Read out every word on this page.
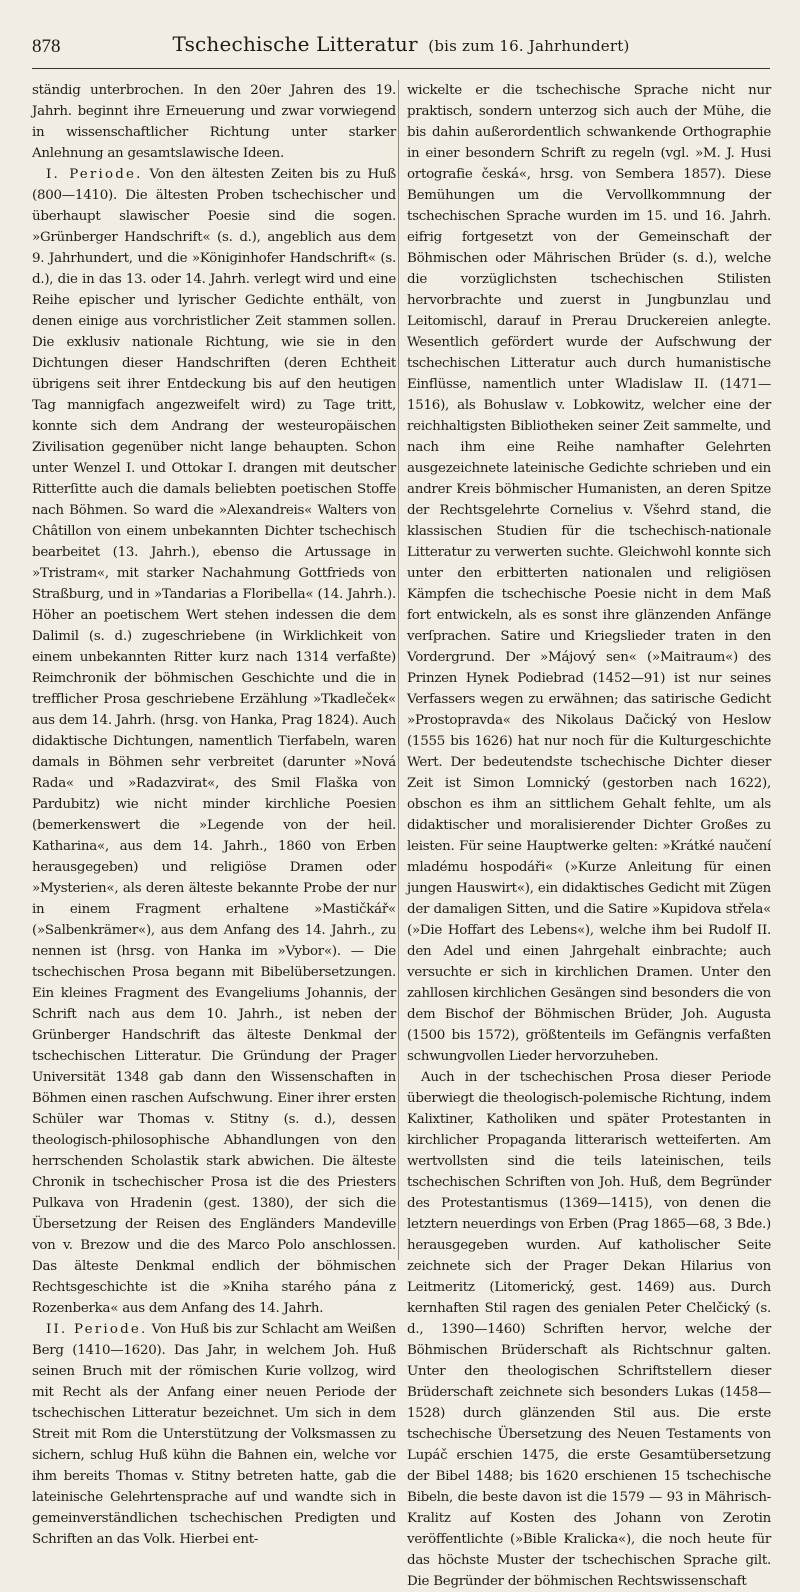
878	Tschechische Litteratur (bis zum 16. Jahrhundert)

ständig unterbrochen. In den 20er Jahren des 19. Jahrh. beginnt ihre Erneuerung und zwar vorwiegend in wissenschaftlicher Richtung unter starker Anlehnung an gesamtslawische Ideen.

I. Periode. Von den ältesten Zeiten bis zu Huß (800—1410). Die ältesten Proben tschechischer und überhaupt slawischer Poesie sind die sogen. »Grünberger Handschrift« (s. d.), angeblich aus dem 9. Jahrhundert, und die »Königinhofer Handschrift« (s. d.), die in das 13. oder 14. Jahrh. verlegt wird und eine Reihe epischer und lyrischer Gedichte enthält, von denen einige aus vorchristlicher Zeit stammen sollen. Die exklusiv nationale Richtung, wie sie in den Dichtungen dieser Handschriften (deren Echtheit übrigens seit ihrer Entdeckung bis auf den heutigen Tag mannigfach angezweifelt wird) zu Tage tritt, konnte sich dem Andrang der westeuropäischen Zivilisation gegenüber nicht lange behaupten. Schon unter Wenzel I. und Ottokar I. drangen mit deutscher Ritterſitte auch die damals beliebten poetischen Stoffe nach Böhmen. So ward die »Alexandreis« Walters von Châtillon von einem unbekannten Dichter tschechisch bearbeitet (13. Jahrh.), ebenso die Artussage in »Tristram«, mit starker Nachahmung Gottfrieds von Straßburg, und in »Tandarias a Floribella« (14. Jahrh.). Höher an poetischem Wert stehen indessen die dem Dalimil (s. d.) zugeschriebene (in Wirklichkeit von einem unbekannten Ritter kurz nach 1314 verfaßte) Reimchronik der böhmischen Geschichte und die in trefflicher Prosa geschriebene Erzählung »Tkadleček« aus dem 14. Jahrh. (hrsg. von Hanka, Prag 1824). Auch didaktische Dichtungen, namentlich Tierfabeln, waren damals in Böhmen sehr verbreitet (darunter »Nová Rada« und »Radazvirat«, des Smil Flaška von Pardubitz) wie nicht minder kirchliche Poesien (bemerkenswert die »Legende von der heil. Katharina«, aus dem 14. Jahrh., 1860 von Erben herausgegeben) und religiöse Dramen oder »Mysterien«, als deren älteste bekannte Probe der nur in einem Fragment erhaltene »Mastičkář« (»Salbenkrämer«), aus dem Anfang des 14. Jahrh., zu nennen ist (hrsg. von Hanka im »Vybor«). — Die tschechischen Prosa begann mit Bibelübersetzungen. Ein kleines Fragment des Evangeliums Johannis, der Schrift nach aus dem 10. Jahrh., ist neben der Grünberger Handschrift das älteste Denkmal der tschechischen Litteratur. Die Gründung der Prager Universität 1348 gab dann den Wissenschaften in Böhmen einen raschen Aufschwung. Einer ihrer ersten Schüler war Thomas v. Stitny (s. d.), dessen theologisch-philosophische Abhandlungen von den herrschenden Scholastik stark abwichen. Die älteste Chronik in tschechischer Prosa ist die des Priesters Pulkava von Hradenin (gest. 1380), der sich die Übersetzung der Reisen des Engländers Mandeville von v. Brezow und die des Marco Polo anschlossen. Das älteste Denkmal endlich der böhmischen Rechtsgeschichte ist die »Kniha starého pána z Rozenberka« aus dem Anfang des 14. Jahrh.

II. Periode. Von Huß bis zur Schlacht am Weißen Berg (1410—1620). Das Jahr, in welchem Joh. Huß seinen Bruch mit der römischen Kurie vollzog, wird mit Recht als der Anfang einer neuen Periode der tschechischen Litteratur bezeichnet. Um sich in dem Streit mit Rom die Unterstützung der Volksmassen zu sichern, schlug Huß kühn die Bahnen ein, welche vor ihm bereits Thomas v. Stitny betreten hatte, gab die lateinische Gelehrtensprache auf und wandte sich in gemeinverständlichen tschechischen Predigten und Schriften an das Volk. Hierbei ent-

wickelte er die tschechische Sprache nicht nur praktisch, sondern unterzog sich auch der Mühe, die bis dahin außerordentlich schwankende Orthographie in einer besondern Schrift zu regeln (vgl. »M. J. Husi ortografie česká«, hrsg. von Sembera 1857). Diese Bemühungen um die Vervollkommnung der tschechischen Sprache wurden im 15. und 16. Jahrh. eifrig fortgesetzt von der Gemeinschaft der Böhmischen oder Mährischen Brüder (s. d.), welche die vorzüglichsten tschechischen Stilisten hervorbrachte und zuerst in Jungbunzlau und Leitomischl, darauf in Prerau Druckereien anlegte. Wesentlich gefördert wurde der Aufschwung der tschechischen Litteratur auch durch humanistische Einflüsse, namentlich unter Wladislaw II. (1471—1516), als Bohuslaw v. Lobkowitz, welcher eine der reichhaltigsten Bibliotheken seiner Zeit sammelte, und nach ihm eine Reihe namhafter Gelehrten ausgezeichnete lateinische Gedichte schrieben und ein andrer Kreis böhmischer Humanisten, an deren Spitze der Rechtsgelehrte Cornelius v. Všehrd stand, die klassischen Studien für die tschechisch-nationale Litteratur zu verwerten suchte. Gleichwohl konnte sich unter den erbitterten nationalen und religiösen Kämpfen die tschechische Poesie nicht in dem Maß fort entwickeln, als es sonst ihre glänzenden Anfänge verſprachen. Satire und Kriegslieder traten in den Vordergrund. Der »Májový sen« (»Maitraum«) des Prinzen Hynek Podiebrad (1452—91) ist nur seines Verfassers wegen zu erwähnen; das satirische Gedicht »Prostopravda« des Nikolaus Dačický von Heslow (1555 bis 1626) hat nur noch für die Kulturgeschichte Wert. Der bedeutendste tschechische Dichter dieser Zeit ist Simon Lomnický (gestorben nach 1622), obschon es ihm an sittlichem Gehalt fehlte, um als didaktischer und moralisierender Dichter Großes zu leisten. Für seine Hauptwerke gelten: »Krátké naučení mladému hospodáři« (»Kurze Anleitung für einen jungen Hauswirt«), ein didaktisches Gedicht mit Zügen der damaligen Sitten, und die Satire »Kupidova střela« (»Die Hoffart des Lebens«), welche ihm bei Rudolf II. den Adel und einen Jahrgehalt einbrachte; auch versuchte er sich in kirchlichen Dramen. Unter den zahllosen kirchlichen Gesängen sind besonders die von dem Bischof der Böhmischen Brüder, Joh. Augusta (1500 bis 1572), größtenteils im Gefängnis verfaßten schwungvollen Lieder hervorzuheben.

Auch in der tschechischen Prosa dieser Periode überwiegt die theologisch-polemische Richtung, indem Kalixtiner, Katholiken und später Protestanten in kirchlicher Propaganda litterarisch wetteiferten. Am wertvollsten sind die teils lateinischen, teils tschechischen Schriften von Joh. Huß, dem Begründer des Protestantismus (1369—1415), von denen die letztern neuerdings von Erben (Prag 1865—68, 3 Bde.) herausgegeben wurden. Auf katholischer Seite zeichnete sich der Prager Dekan Hilarius von Leitmeritz (Litomerický, gest. 1469) aus. Durch kernhaften Stil ragen des genialen Peter Chelčický (s. d., 1390—1460) Schriften hervor, welche der Böhmischen Brüderschaft als Richtschnur galten. Unter den theologischen Schriftstellern dieser Brüderschaft zeichnete sich besonders Lukas (1458—1528) durch glänzenden Stil aus. Die erste tschechische Übersetzung des Neuen Testaments von Lupáč erschien 1475, die erste Gesamtübersetzung der Bibel 1488; bis 1620 erschienen 15 tschechische Bibeln, die beste davon ist die 1579 — 93 in Mährisch-Kralitz auf Kosten des Johann von Zerotin veröffentlichte (»Bible Kralicka«), die noch heute für das höchste Muster der tschechischen Sprache gilt. Die Begründer der böhmischen Rechtswissenschaft
